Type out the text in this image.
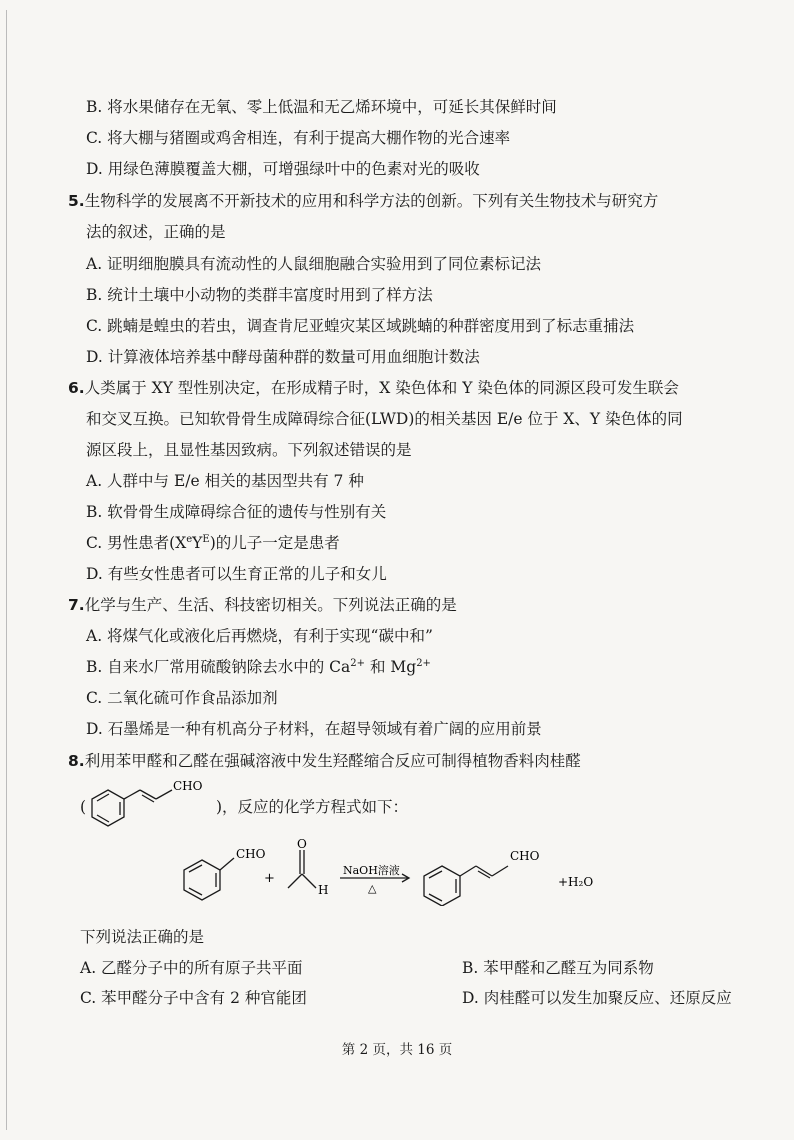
B. 将水果储存在无氧、零上低温和无乙烯环境中，可延长其保鲜时间
C. 将大棚与猪圈或鸡舍相连，有利于提高大棚作物的光合速率
D. 用绿色薄膜覆盖大棚，可增强绿叶中的色素对光的吸收
5.生物科学的发展离不开新技术的应用和科学方法的创新。下列有关生物技术与研究方
法的叙述，正确的是
A. 证明细胞膜具有流动性的人鼠细胞融合实验用到了同位素标记法
B. 统计土壤中小动物的类群丰富度时用到了样方法
C. 跳蝻是蝗虫的若虫，调查肯尼亚蝗灾某区域跳蝻的种群密度用到了标志重捕法
D. 计算液体培养基中酵母菌种群的数量可用血细胞计数法
6.人类属于 XY 型性别决定，在形成精子时，X 染色体和 Y 染色体的同源区段可发生联会
和交叉互换。已知软骨骨生成障碍综合征(LWD)的相关基因 E/e 位于 X、Y 染色体的同
源区段上，且显性基因致病。下列叙述错误的是
A. 人群中与 E/e 相关的基因型共有 7 种
B. 软骨骨生成障碍综合征的遗传与性别有关
C. 男性患者$(XeY^E)$的儿子一定是患者
D. 有些女性患者可以生育正常的儿子和女儿
7.化学与生产、生活、科技密切相关。下列说法正确的是
A. 将煤气化或液化后再燃烧，有利于实现“碳中和”
B. 自来水厂常用硫酸钠除去水中的 $Ca^{2+}$ 和 $Mg^{2+}$
C. 二氧化硫可作食品添加剂
D. 石墨烯是一种有机高分子材料，在超导领域有着广阔的应用前景
8.利用苯甲醛和乙醛在强碱溶液中发生羟醛缩合反应可制得植物香料肉桂醛
(
CHO
)，反应的化学方程式如下：
CHO
+
O
H
NaOH溶液
△
CHO
+H₂O
下列说法正确的是
A. 乙醛分子中的所有原子共平面	B. 苯甲醛和乙醛互为同系物
C. 苯甲醛分子中含有 2 种官能团	D. 肉桂醛可以发生加聚反应、还原反应
第 2 页，共 16 页
